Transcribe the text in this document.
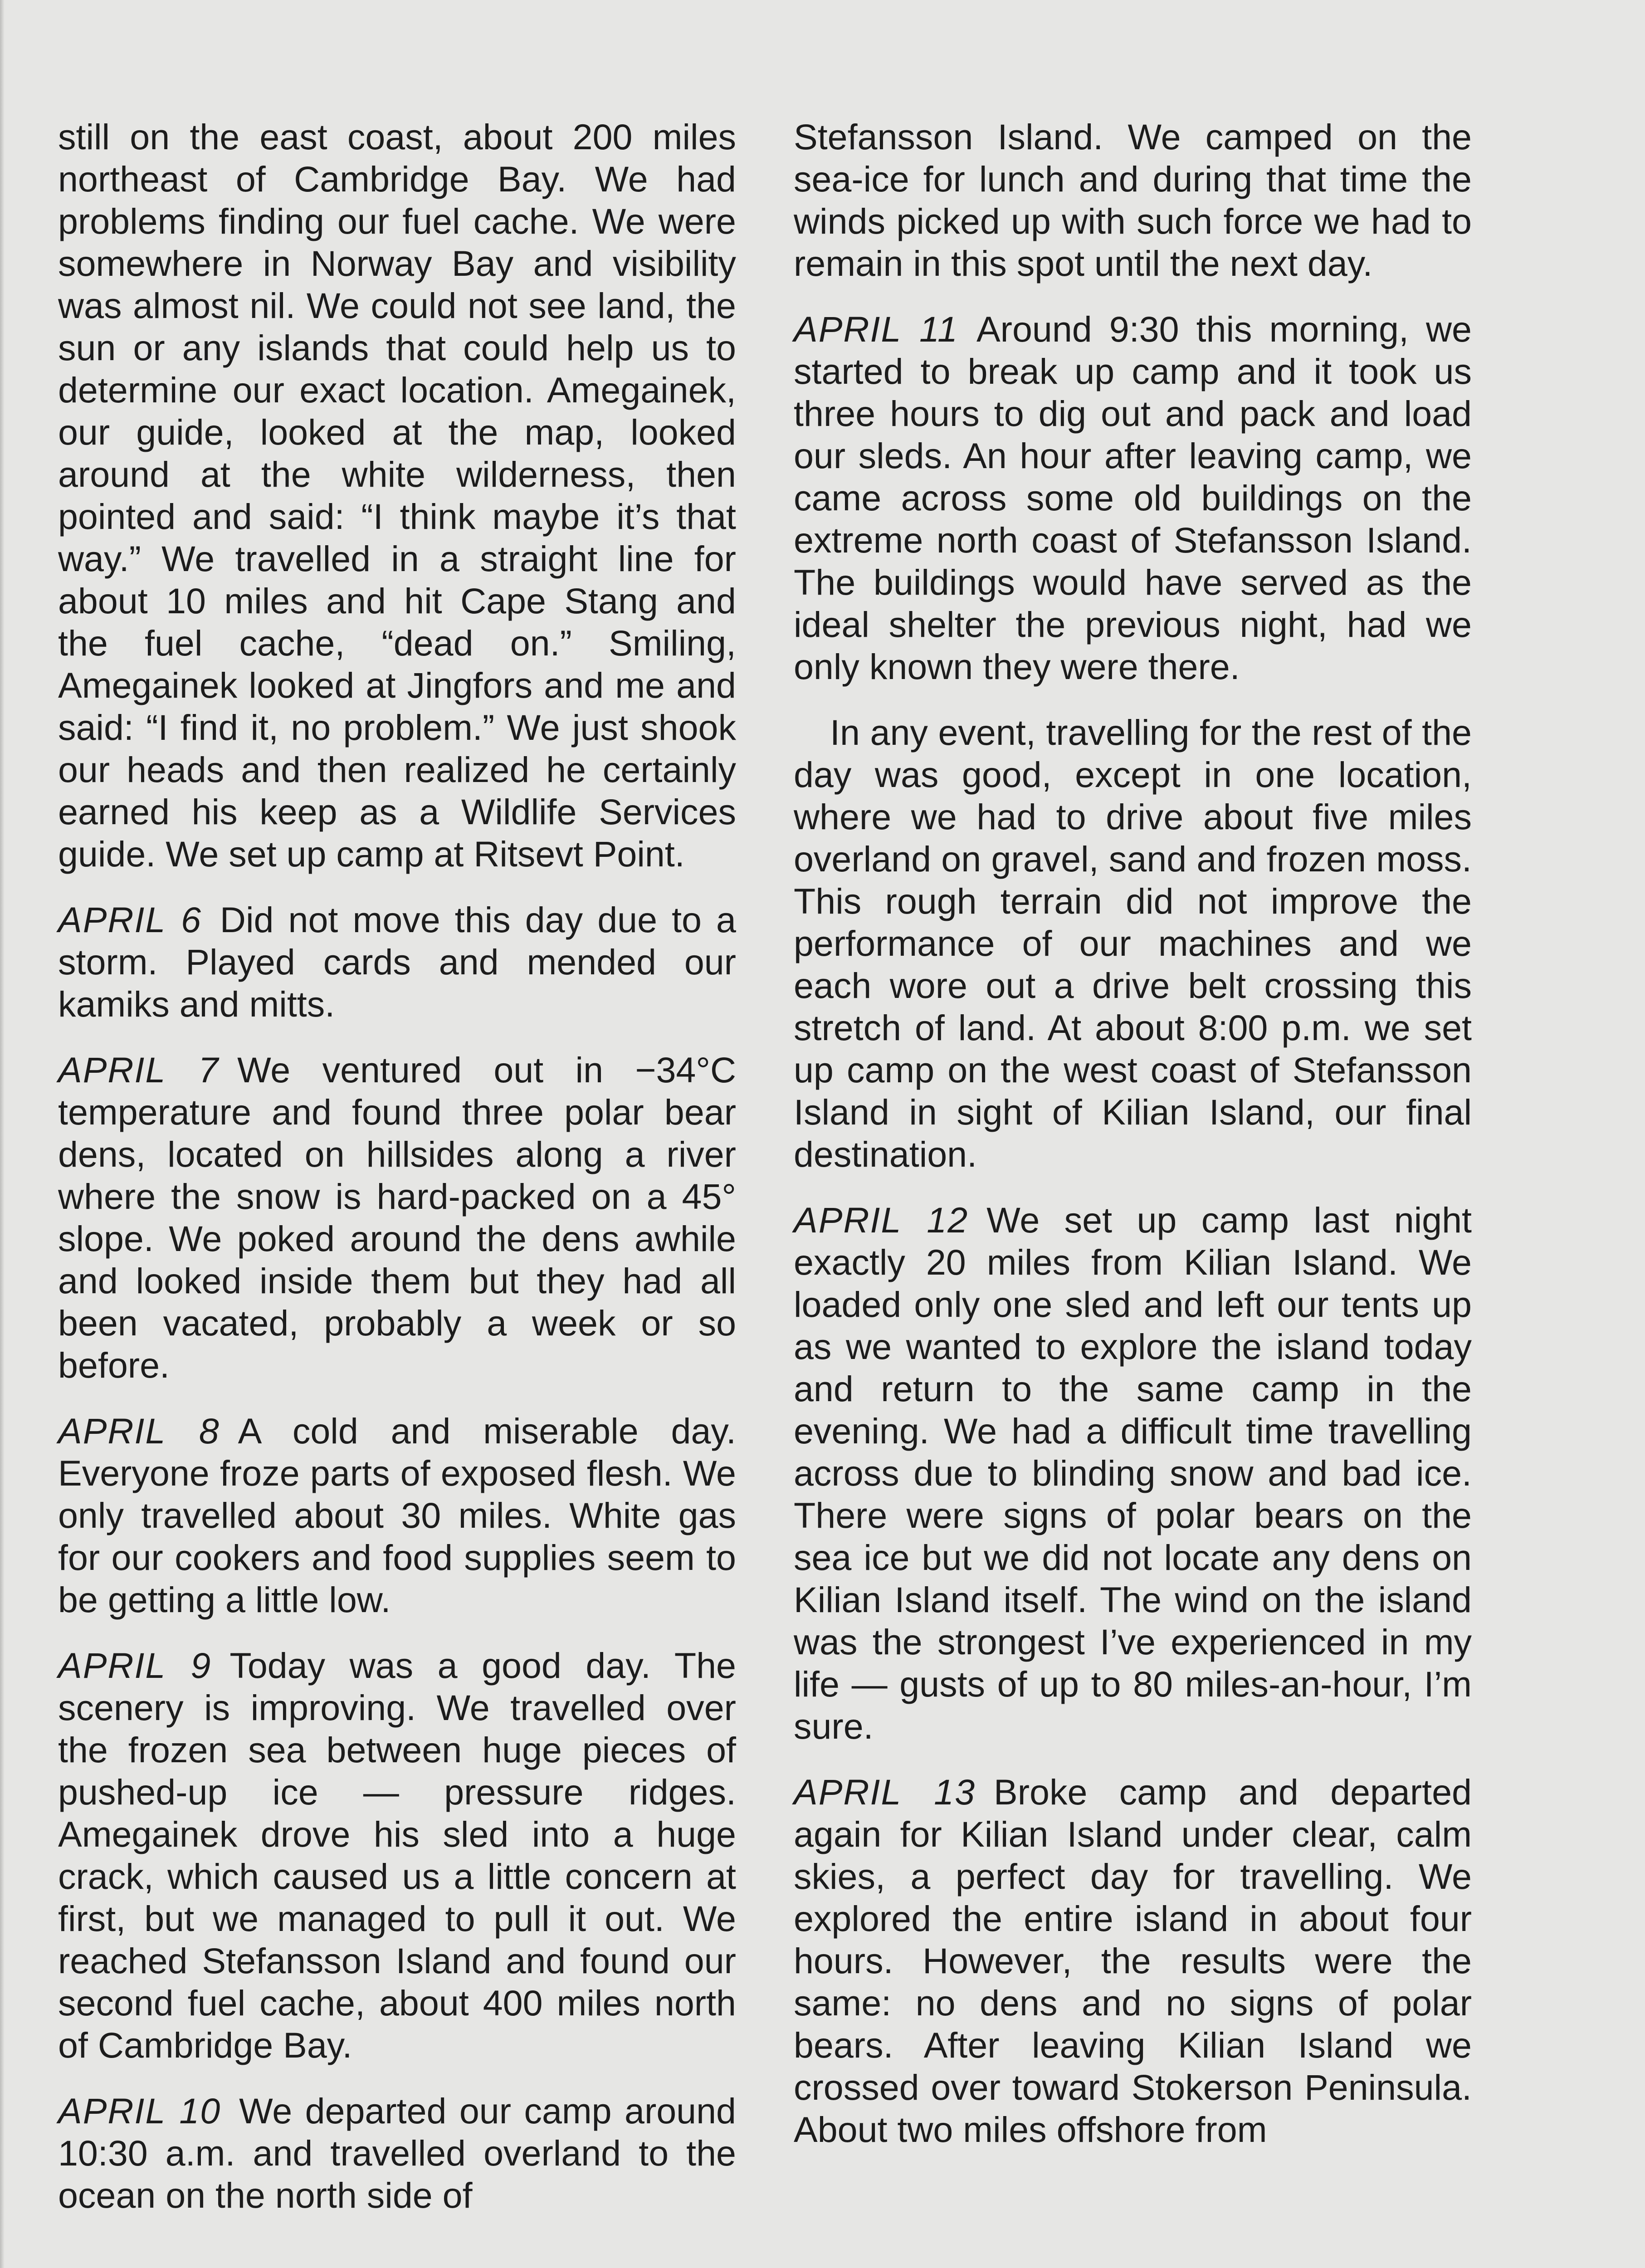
still on the east coast, about 200 miles northeast of Cambridge Bay. We had problems finding our fuel cache. We were somewhere in Norway Bay and visibility was almost nil. We could not see land, the sun or any islands that could help us to determine our exact location. Amegainek, our guide, looked at the map, looked around at the white wilderness, then pointed and said: “I think maybe it’s that way.” We travelled in a straight line for about 10 miles and hit Cape Stang and the fuel cache, “dead on.” Smiling, Amegainek looked at Jingfors and me and said: “I find it, no problem.” We just shook our heads and then realized he certainly earned his keep as a Wildlife Services guide. We set up camp at Ritsevt Point.

APRIL 6 Did not move this day due to a storm. Played cards and mended our kamiks and mitts.

APRIL 7 We ventured out in −34°C temperature and found three polar bear dens, located on hillsides along a river where the snow is hard-packed on a 45° slope. We poked around the dens awhile and looked inside them but they had all been vacated, probably a week or so before.

APRIL 8 A cold and miserable day. Everyone froze parts of exposed flesh. We only travelled about 30 miles. White gas for our cookers and food supplies seem to be getting a little low.

APRIL 9 Today was a good day. The scenery is improving. We travelled over the frozen sea between huge pieces of pushed-up ice — pressure ridges. Amegainek drove his sled into a huge crack, which caused us a little concern at first, but we managed to pull it out. We reached Stefansson Island and found our second fuel cache, about 400 miles north of Cambridge Bay.

APRIL 10 We departed our camp around 10:30 a.m. and travelled overland to the ocean on the north side of

Stefansson Island. We camped on the sea-ice for lunch and during that time the winds picked up with such force we had to remain in this spot until the next day.

APRIL 11 Around 9:30 this morning, we started to break up camp and it took us three hours to dig out and pack and load our sleds. An hour after leaving camp, we came across some old buildings on the extreme north coast of Stefansson Island. The buildings would have served as the ideal shelter the previous night, had we only known they were there.

In any event, travelling for the rest of the day was good, except in one location, where we had to drive about five miles overland on gravel, sand and frozen moss. This rough terrain did not improve the performance of our machines and we each wore out a drive belt crossing this stretch of land. At about 8:00 p.m. we set up camp on the west coast of Stefansson Island in sight of Kilian Island, our final destination.

APRIL 12 We set up camp last night exactly 20 miles from Kilian Island. We loaded only one sled and left our tents up as we wanted to explore the island today and return to the same camp in the evening. We had a difficult time travelling across due to blinding snow and bad ice. There were signs of polar bears on the sea ice but we did not locate any dens on Kilian Island itself. The wind on the island was the strongest I’ve experienced in my life — gusts of up to 80 miles-an-hour, I’m sure.

APRIL 13 Broke camp and departed again for Kilian Island under clear, calm skies, a perfect day for travelling. We explored the entire island in about four hours. However, the results were the same: no dens and no signs of polar bears. After leaving Kilian Island we crossed over toward Stokerson Peninsula. About two miles offshore from
